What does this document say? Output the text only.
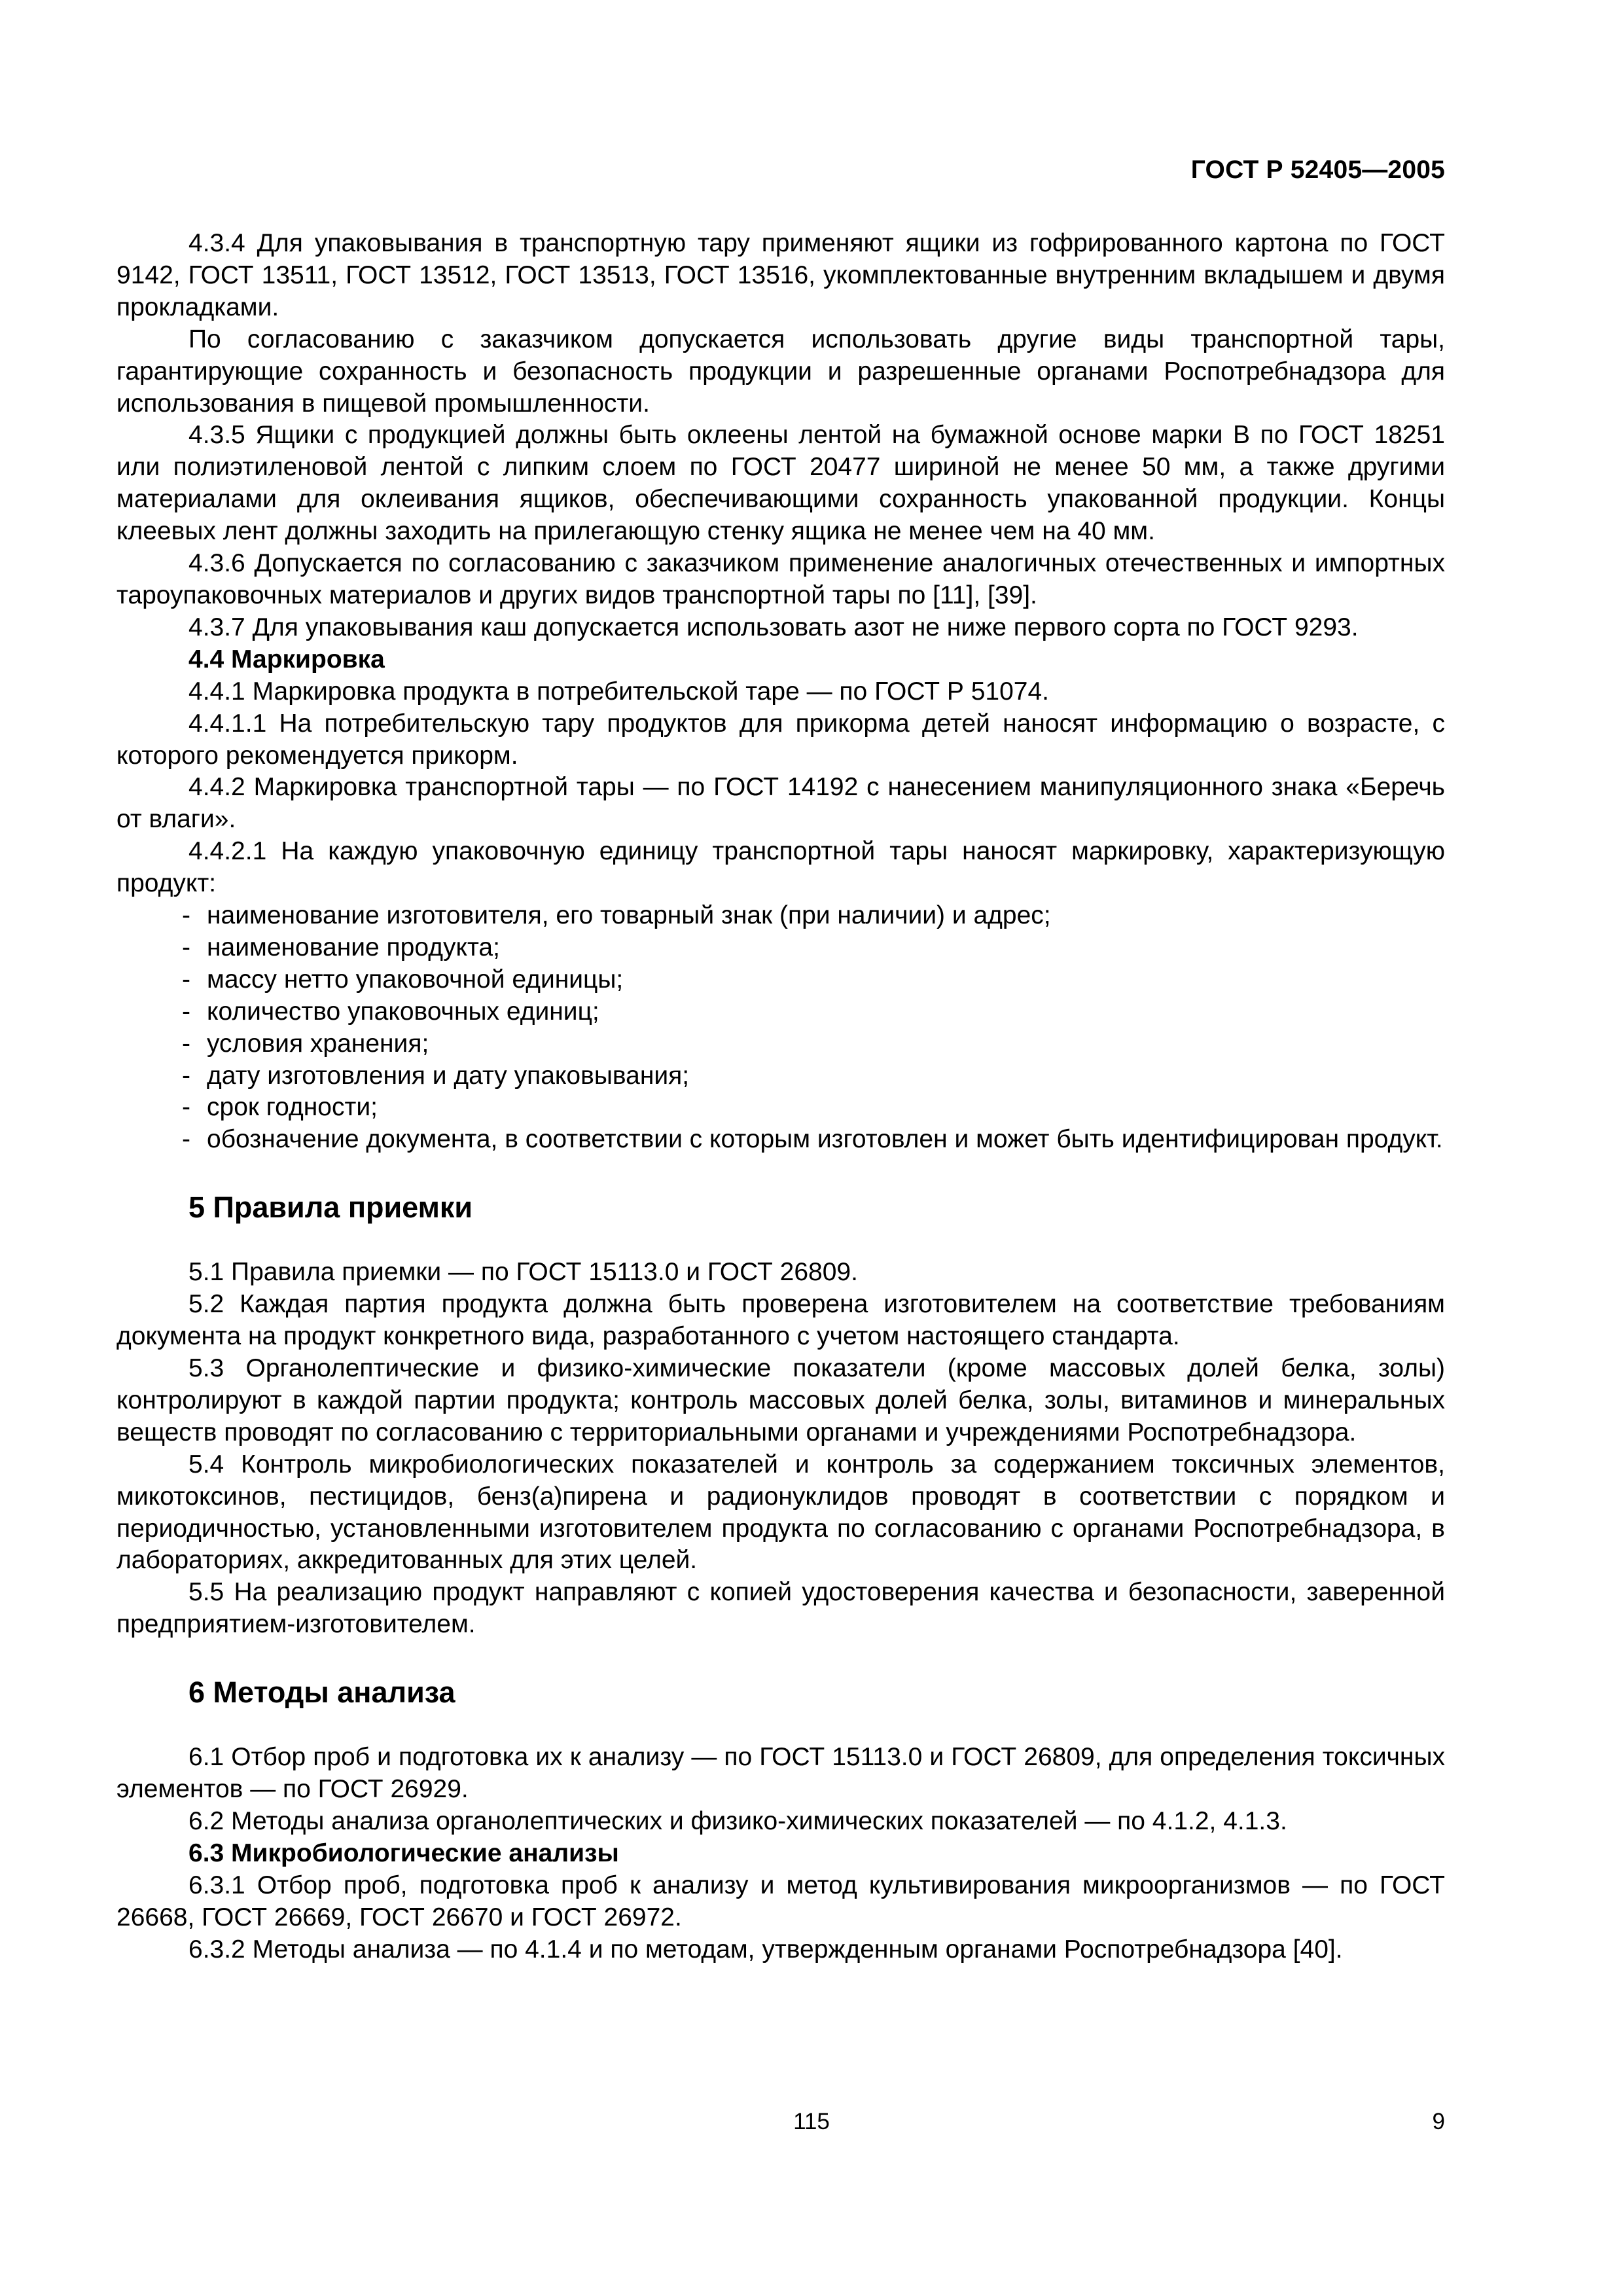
ГОСТ Р 52405—2005

4.3.4 Для упаковывания в транспортную тару применяют ящики из гофрированного картона по ГОСТ 9142, ГОСТ 13511, ГОСТ 13512, ГОСТ 13513, ГОСТ 13516, укомплектованные внутренним вкладышем и двумя прокладками.

По согласованию с заказчиком допускается использовать другие виды транспортной тары, гарантирующие сохранность и безопасность продукции и разрешенные органами Роспотребнадзора для использования в пищевой промышленности.

4.3.5 Ящики с продукцией должны быть оклеены лентой на бумажной основе марки В по ГОСТ 18251 или полиэтиленовой лентой с липким слоем по ГОСТ 20477 шириной не менее 50 мм, а также другими материалами для оклеивания ящиков, обеспечивающими сохранность упакованной продукции. Концы клеевых лент должны заходить на прилегающую стенку ящика не менее чем на 40 мм.

4.3.6 Допускается по согласованию с заказчиком применение аналогичных отечественных и импортных тароупаковочных материалов и других видов транспортной тары по [11], [39].

4.3.7 Для упаковывания каш допускается использовать азот не ниже первого сорта по ГОСТ 9293.

4.4 Маркировка

4.4.1 Маркировка продукта в потребительской таре — по ГОСТ Р 51074.

4.4.1.1 На потребительскую тару продуктов для прикорма детей наносят информацию о возрасте, с которого рекомендуется прикорм.

4.4.2 Маркировка транспортной тары — по ГОСТ 14192 с нанесением манипуляционного знака «Беречь от влаги».

4.4.2.1 На каждую упаковочную единицу транспортной тары наносят маркировку, характеризующую продукт:

- наименование изготовителя, его товарный знак (при наличии) и адрес;
- наименование продукта;
- массу нетто упаковочной единицы;
- количество упаковочных единиц;
- условия хранения;
- дату изготовления и дату упаковывания;
- срок годности;
- обозначение документа, в соответствии с которым изготовлен и может быть идентифицирован продукт.
5 Правила приемки

5.1 Правила приемки — по ГОСТ 15113.0 и ГОСТ 26809.

5.2 Каждая партия продукта должна быть проверена изготовителем на соответствие требованиям документа на продукт конкретного вида, разработанного с учетом настоящего стандарта.

5.3 Органолептические и физико-химические показатели (кроме массовых долей белка, золы) контролируют в каждой партии продукта; контроль массовых долей белка, золы, витаминов и минеральных веществ проводят по согласованию с территориальными органами и учреждениями Роспотребнадзора.

5.4 Контроль микробиологических показателей и контроль за содержанием токсичных элементов, микотоксинов, пестицидов, бенз(а)пирена и радионуклидов проводят в соответствии с порядком и периодичностью, установленными изготовителем продукта по согласованию с органами Роспотребнадзора, в лабораториях, аккредитованных для этих целей.

5.5 На реализацию продукт направляют с копией удостоверения качества и безопасности, заверенной предприятием-изготовителем.

6 Методы анализа

6.1 Отбор проб и подготовка их к анализу — по ГОСТ 15113.0 и ГОСТ 26809, для определения токсичных элементов — по ГОСТ 26929.

6.2 Методы анализа органолептических и физико-химических показателей — по 4.1.2, 4.1.3.

6.3 Микробиологические анализы

6.3.1 Отбор проб, подготовка проб к анализу и метод культивирования микроорганизмов — по ГОСТ 26668, ГОСТ 26669, ГОСТ 26670 и ГОСТ 26972.

6.3.2 Методы анализа — по 4.1.4 и по методам, утвержденным органами Роспотребнадзора [40].

115	9
